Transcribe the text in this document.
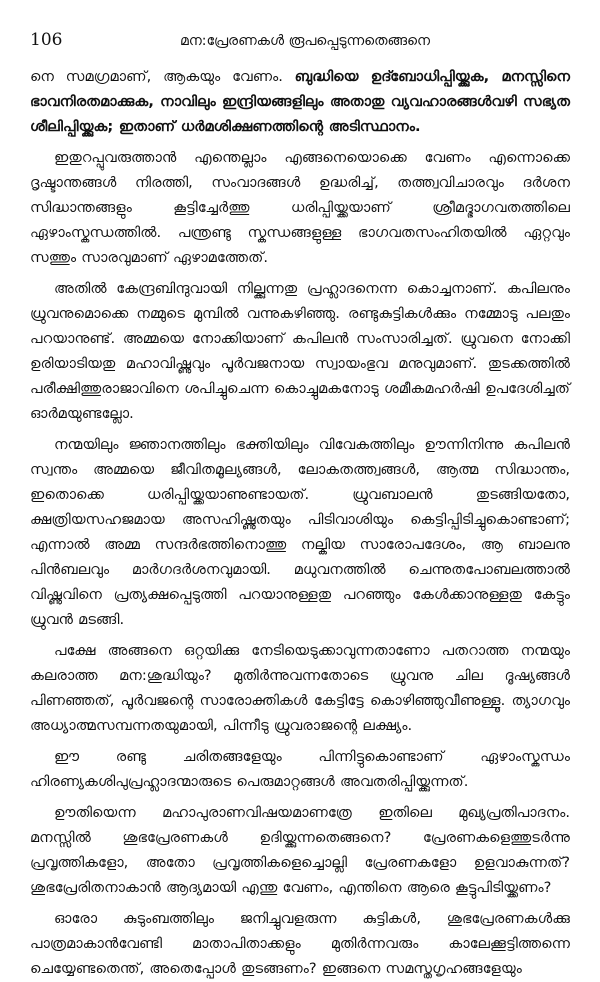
106	മന:പ്രേരണകൾ രൂപപ്പെടുന്നതെങ്ങനെ

നെ സമഗ്രമാണ്, ആകയും വേണം. ബുദ്ധിയെ ഉദ്ബോധിപ്പിയ്ക്കുക, മനസ്സിനെ ഭാവനിരതമാക്കുക, നാവിലും ഇന്ദ്രിയങ്ങളിലും അതാതു വ്യവഹാരങ്ങൾവഴി സഭ്യത ശീലിപ്പിയ്ക്കുക; ഇതാണ് ധർമശിക്ഷണത്തിന്റെ അടിസ്ഥാനം.

ഇതുറപ്പുവരുത്താൻ എന്തെല്ലാം എങ്ങനെയൊക്കെ വേണം എന്നൊക്കെ ദൃഷ്ടാന്തങ്ങൾ നിരത്തി, സംവാദങ്ങൾ ഉദ്ധരിച്ച്, തത്ത്വവിചാരവും ദർശന സിദ്ധാന്തങ്ങളും കൂട്ടിച്ചേർത്തു ധരിപ്പിയ്ക്കയാണ് ശ്രീമദ്ഭാഗവതത്തിലെ ഏഴാംസ്കന്ധത്തിൽ. പന്ത്രണ്ടു സ്കന്ധങ്ങളുള്ള ഭാഗവതസംഹിതയിൽ ഏറ്റവും സത്തും സാരവുമാണ് ഏഴാമത്തേത്.

അതിൽ കേന്ദ്രബിന്ദുവായി നില്ക്കുന്നതു പ്രഹ്ലാദനെന്ന കൊച്ചനാണ്. കപിലനും ധ്രുവനുമൊക്കെ നമ്മുടെ മുമ്പിൽ വന്നുകഴിഞ്ഞു. രണ്ടുകുട്ടികൾക്കും നമ്മോടു പലതും പറയാനുണ്ട്. അമ്മയെ നോക്കിയാണ് കപിലൻ സംസാരിച്ചത്. ധ്രുവനെ നോക്കി ഉരിയാടിയതു മഹാവിഷ്ണുവും പൂർവജനായ സ്വായംഭുവ മനുവുമാണ്. തുടക്കത്തിൽ പരീക്ഷിത്തുരാജാവിനെ ശപിച്ചുചെന്ന കൊച്ചുമകനോടു ശമീകമഹർഷി ഉപദേശിച്ചത് ഓർമയുണ്ടല്ലോ.

നന്മയിലും ജ്ഞാനത്തിലും ഭക്തിയിലും വിവേകത്തിലും ഊന്നിനിന്നു കപിലൻ സ്വന്തം അമ്മയെ ജീവിതമൂല്യങ്ങൾ, ലോകതത്ത്വങ്ങൾ, ആത്മ സിദ്ധാന്തം, ഇതൊക്കെ ധരിപ്പിയ്ക്കയാണുണ്ടായത്. ധ്രുവബാലൻ തുടങ്ങിയതോ, ക്ഷത്രിയസഹജമായ അസഹിഷ്ണുതയും പിടിവാശിയും കെട്ടിപ്പിടിച്ചുകൊണ്ടാണ്; എന്നാൽ അമ്മ സന്ദർഭത്തിനൊത്തു നല്കിയ സാരോപദേശം, ആ ബാലനു പിൻബലവും മാർഗദർശനവുമായി. മധുവനത്തിൽ ചെന്നുതപോബലത്താൽ വിഷ്ണുവിനെ പ്രത്യക്ഷപ്പെടുത്തി പറയാനുള്ളതു പറഞ്ഞും കേൾക്കാനുള്ളതു കേട്ടും ധ്രുവൻ മടങ്ങി.

പക്ഷേ അങ്ങനെ ഒറ്റയിക്കു നേടിയെടുക്കാവുന്നതാണോ പതറാത്ത നന്മയും കലരാത്ത മന:ശുദ്ധിയും? മുതിർന്നുവന്നതോടെ ധ്രുവനു ചില ദൂഷ്യങ്ങൾ പിണഞ്ഞത്, പൂർവജന്റെ സാരോക്തികൾ കേട്ടിട്ടേ കൊഴിഞ്ഞുവീണുള്ളൂ. ത്യാഗവും അധ്യാത്മസമ്പന്നതയുമായി, പിന്നീടു ധ്രുവരാജന്റെ ലക്ഷ്യം.

ഈ രണ്ടു ചരിതങ്ങളേയും പിന്നിട്ടുകൊണ്ടാണ് ഏഴാംസ്കന്ധം ഹിരണ്യകശിപുപ്രഹ്ലാദന്മാരുടെ പെരുമാറ്റങ്ങൾ അവതരിപ്പിയ്ക്കുന്നത്.

ഊതിയെന്ന മഹാപുരാണവിഷയമാണത്രേ ഇതിലെ മുഖ്യപ്രതിപാദനം. മനസ്സിൽ ശുഭപ്രേരണകൾ ഉദിയ്ക്കുന്നതെങ്ങനെ? പ്രേരണകളെത്തുടർന്നു പ്രവൃത്തികളോ, അതോ പ്രവൃത്തികളെച്ചൊല്ലി പ്രേരണകളോ ഉളവാകുന്നത്? ശുഭപ്രേരിതനാകാൻ ആദ്യമായി എന്തു വേണം, എന്തിനെ ആരെ കൂട്ടുപിടിയ്ക്കണം?

ഓരോ കുടുംബത്തിലും ജനിച്ചുവളരുന്ന കുട്ടികൾ, ശുഭപ്രേരണകൾക്കു പാത്രമാകാൻവേണ്ടി മാതാപിതാക്കളും മുതിർന്നവരും കാലേക്കൂട്ടിത്തന്നെ ചെയ്യേണ്ടതെന്ത്, അതെപ്പോൾ തുടങ്ങണം? ഇങ്ങനെ സമസ്തഗൃഹങ്ങളേയും
